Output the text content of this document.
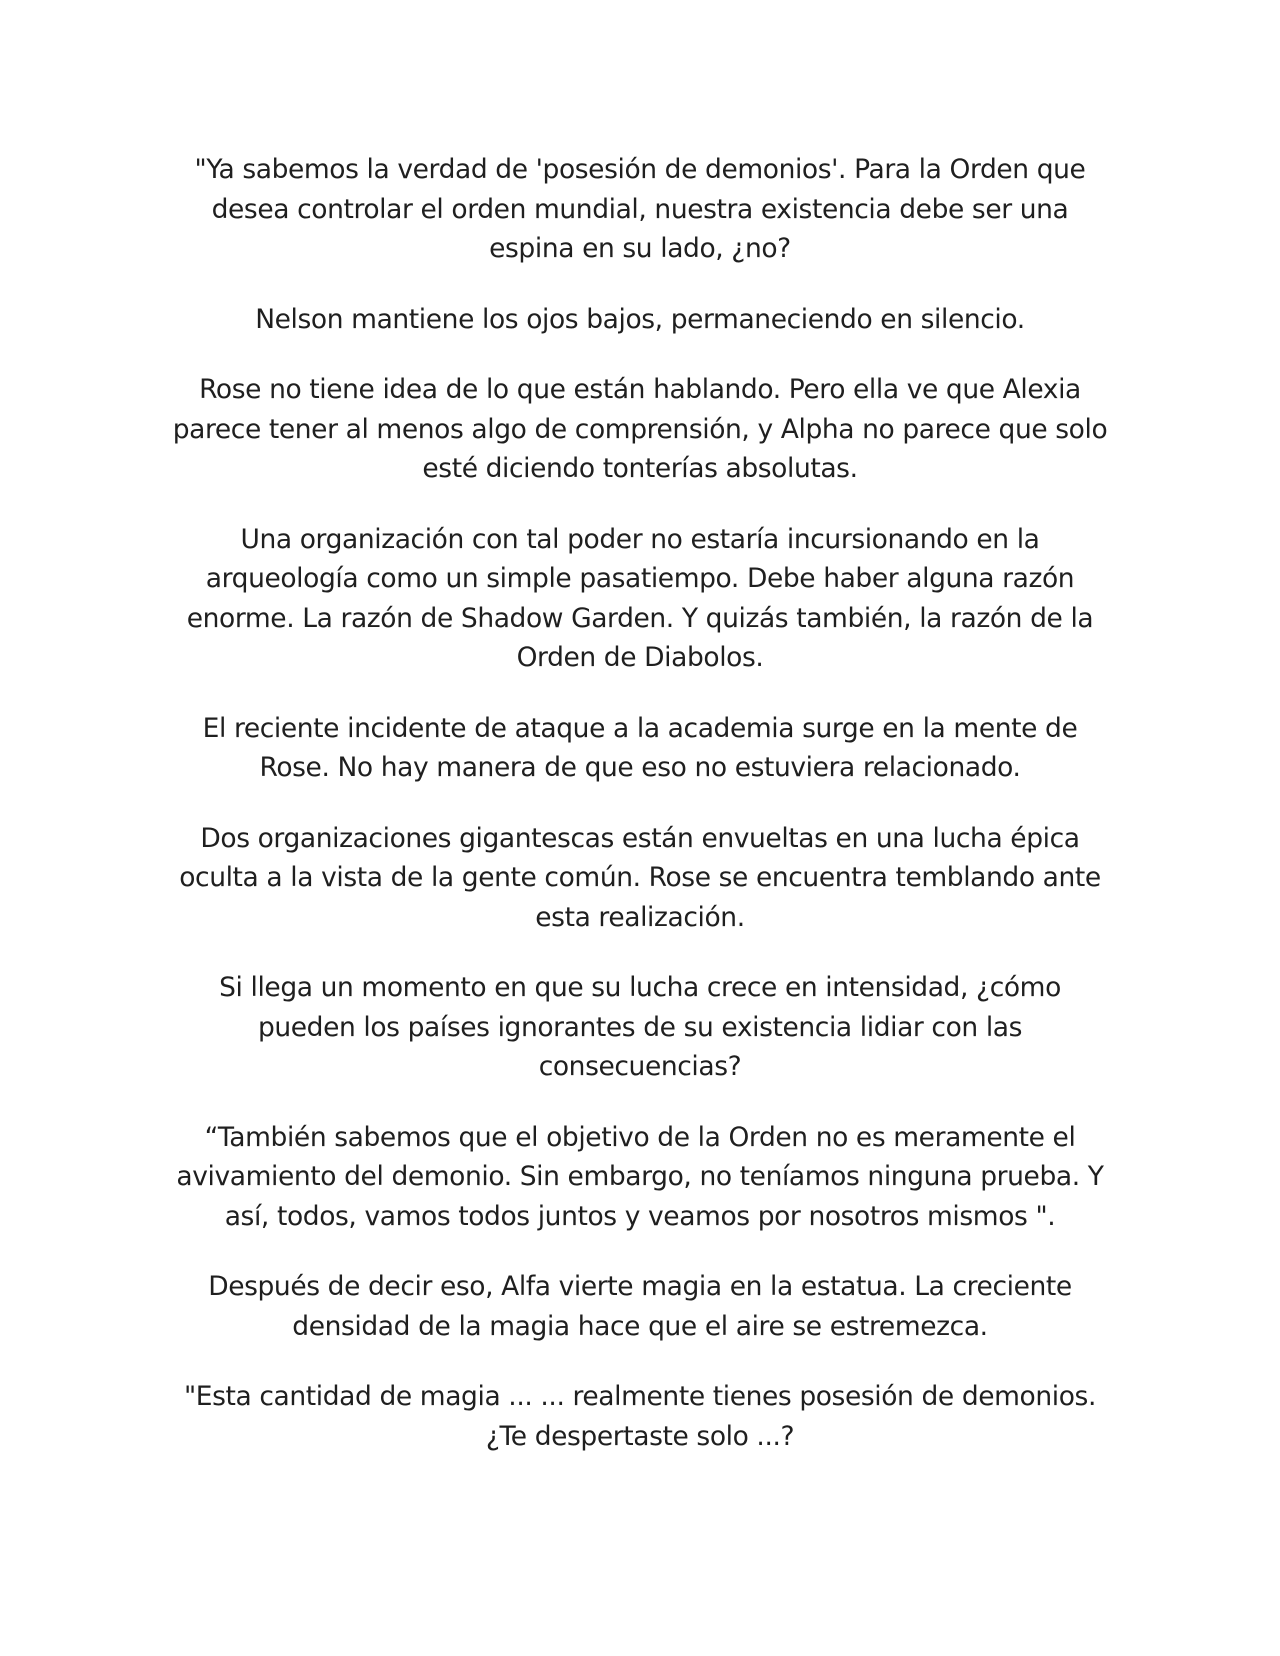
"Ya sabemos la verdad de 'posesión de demonios'. Para la Orden que desea controlar el orden mundial, nuestra existencia debe ser una espina en su lado, ¿no?

Nelson mantiene los ojos bajos, permaneciendo en silencio.

Rose no tiene idea de lo que están hablando. Pero ella ve que Alexia parece tener al menos algo de comprensión, y Alpha no parece que solo esté diciendo tonterías absolutas.

Una organización con tal poder no estaría incursionando en la arqueología como un simple pasatiempo. Debe haber alguna razón enorme. La razón de Shadow Garden. Y quizás también, la razón de la Orden de Diabolos.

El reciente incidente de ataque a la academia surge en la mente de Rose. No hay manera de que eso no estuviera relacionado.

Dos organizaciones gigantescas están envueltas en una lucha épica oculta a la vista de la gente común. Rose se encuentra temblando ante esta realización.

Si llega un momento en que su lucha crece en intensidad, ¿cómo pueden los países ignorantes de su existencia lidiar con las consecuencias?

“También sabemos que el objetivo de la Orden no es meramente el avivamiento del demonio. Sin embargo, no teníamos ninguna prueba. Y así, todos, vamos todos juntos y veamos por nosotros mismos ".

Después de decir eso, Alfa vierte magia en la estatua. La creciente densidad de la magia hace que el aire se estremezca.

"Esta cantidad de magia ... ... realmente tienes posesión de demonios. ¿Te despertaste solo ...?
